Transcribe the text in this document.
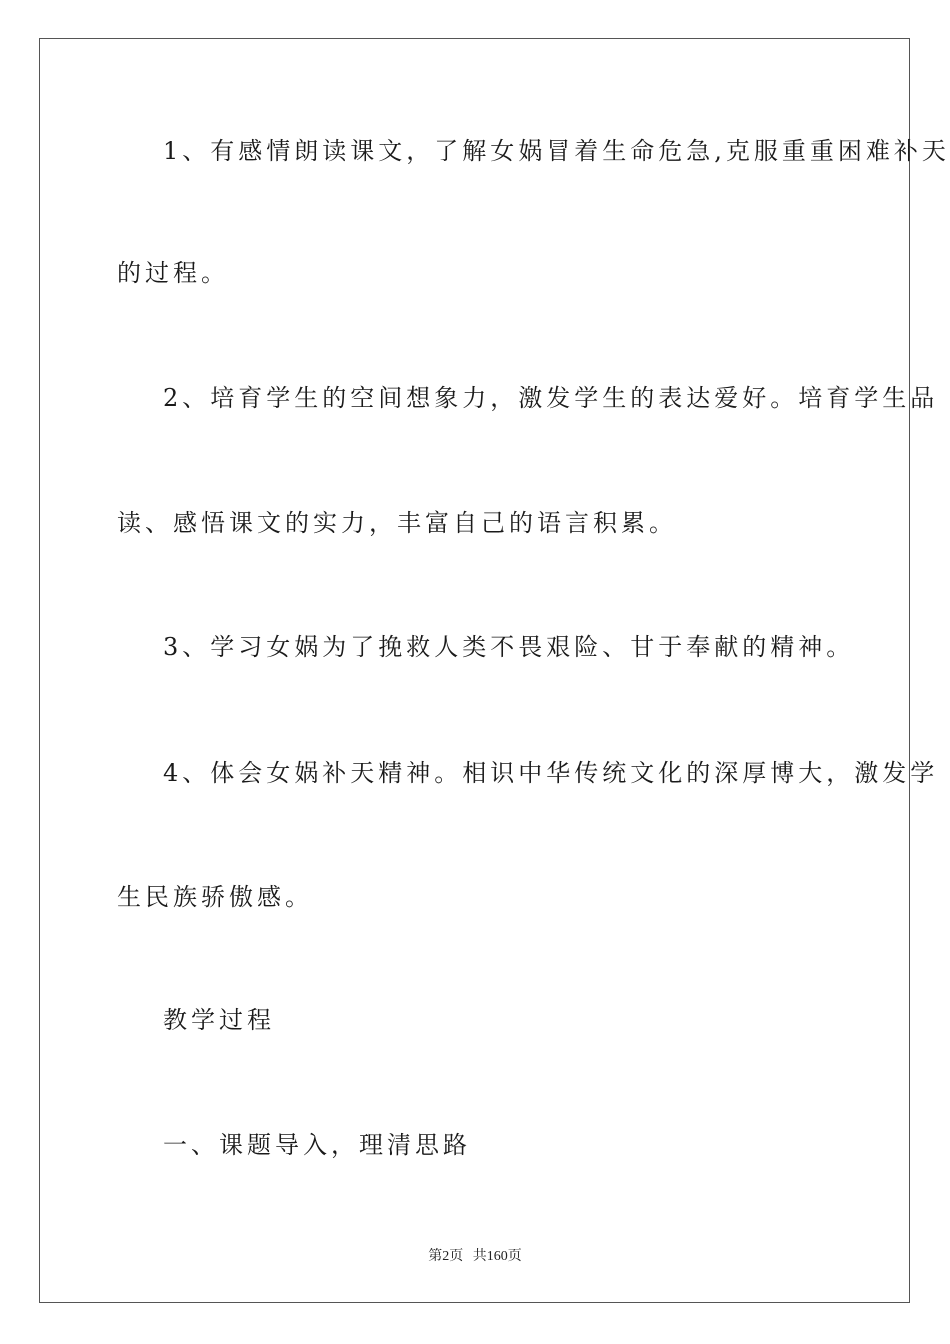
1、有感情朗读课文，了解女娲冒着生命危急,克服重重困难补天
的过程。
2、培育学生的空间想象力，激发学生的表达爱好。培育学生品
读、感悟课文的实力，丰富自己的语言积累。
3、学习女娲为了挽救人类不畏艰险、甘于奉献的精神。
4、体会女娲补天精神。相识中华传统文化的深厚博大，激发学
生民族骄傲感。
教学过程
一、课题导入，理清思路
第2页 共160页
